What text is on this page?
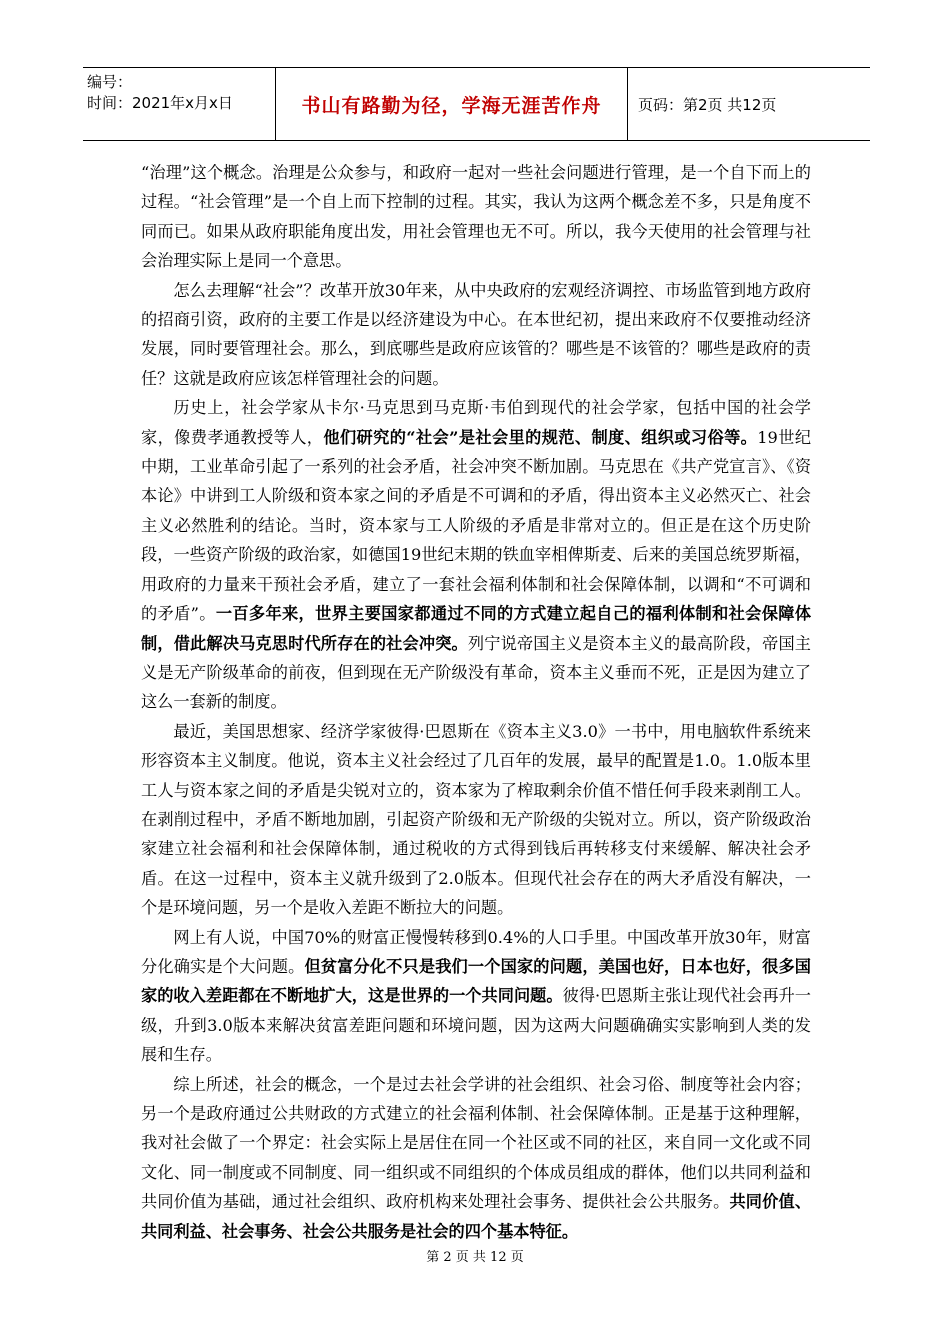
编号：
时间：2021年x月x日	书山有路勤为径，学海无涯苦作舟	页码：第2页 共12页

“治理”这个概念。治理是公众参与，和政府一起对一些社会问题进行管理，是一个自下而上的过程。“社会管理”是一个自上而下控制的过程。其实，我认为这两个概念差不多，只是角度不同而已。如果从政府职能角度出发，用社会管理也无不可。所以，我今天使用的社会管理与社会治理实际上是同一个意思。

怎么去理解“社会”？改革开放30年来，从中央政府的宏观经济调控、市场监管到地方政府的招商引资，政府的主要工作是以经济建设为中心。在本世纪初，提出来政府不仅要推动经济发展，同时要管理社会。那么，到底哪些是政府应该管的？哪些是不该管的？哪些是政府的责任？这就是政府应该怎样管理社会的问题。

历史上，社会学家从卡尔·马克思到马克斯·韦伯到现代的社会学家，包括中国的社会学家，像费孝通教授等人，他们研究的“社会”是社会里的规范、制度、组织或习俗等。19世纪中期，工业革命引起了一系列的社会矛盾，社会冲突不断加剧。马克思在《共产党宣言》、《资本论》中讲到工人阶级和资本家之间的矛盾是不可调和的矛盾，得出资本主义必然灭亡、社会主义必然胜利的结论。当时，资本家与工人阶级的矛盾是非常对立的。但正是在这个历史阶段，一些资产阶级的政治家，如德国19世纪末期的铁血宰相俾斯麦、后来的美国总统罗斯福，用政府的力量来干预社会矛盾，建立了一套社会福利体制和社会保障体制，以调和“不可调和的矛盾”。一百多年来，世界主要国家都通过不同的方式建立起自己的福利体制和社会保障体制，借此解决马克思时代所存在的社会冲突。列宁说帝国主义是资本主义的最高阶段，帝国主义是无产阶级革命的前夜，但到现在无产阶级没有革命，资本主义垂而不死，正是因为建立了这么一套新的制度。

最近，美国思想家、经济学家彼得·巴恩斯在《资本主义3.0》一书中，用电脑软件系统来形容资本主义制度。他说，资本主义社会经过了几百年的发展，最早的配置是1.0。1.0版本里工人与资本家之间的矛盾是尖锐对立的，资本家为了榨取剩余价值不惜任何手段来剥削工人。在剥削过程中，矛盾不断地加剧，引起资产阶级和无产阶级的尖锐对立。所以，资产阶级政治家建立社会福利和社会保障体制，通过税收的方式得到钱后再转移支付来缓解、解决社会矛盾。在这一过程中，资本主义就升级到了2.0版本。但现代社会存在的两大矛盾没有解决，一个是环境问题，另一个是收入差距不断拉大的问题。

网上有人说，中国70%的财富正慢慢转移到0.4%的人口手里。中国改革开放30年，财富分化确实是个大问题。但贫富分化不只是我们一个国家的问题，美国也好，日本也好，很多国家的收入差距都在不断地扩大，这是世界的一个共同问题。彼得·巴恩斯主张让现代社会再升一级，升到3.0版本来解决贫富差距问题和环境问题，因为这两大问题确确实实影响到人类的发展和生存。

综上所述，社会的概念，一个是过去社会学讲的社会组织、社会习俗、制度等社会内容；另一个是政府通过公共财政的方式建立的社会福利体制、社会保障体制。正是基于这种理解，我对社会做了一个界定：社会实际上是居住在同一个社区或不同的社区，来自同一文化或不同文化、同一制度或不同制度、同一组织或不同组织的个体成员组成的群体，他们以共同利益和共同价值为基础，通过社会组织、政府机构来处理社会事务、提供社会公共服务。共同价值、共同利益、社会事务、社会公共服务是社会的四个基本特征。

第 2 页 共 12 页
